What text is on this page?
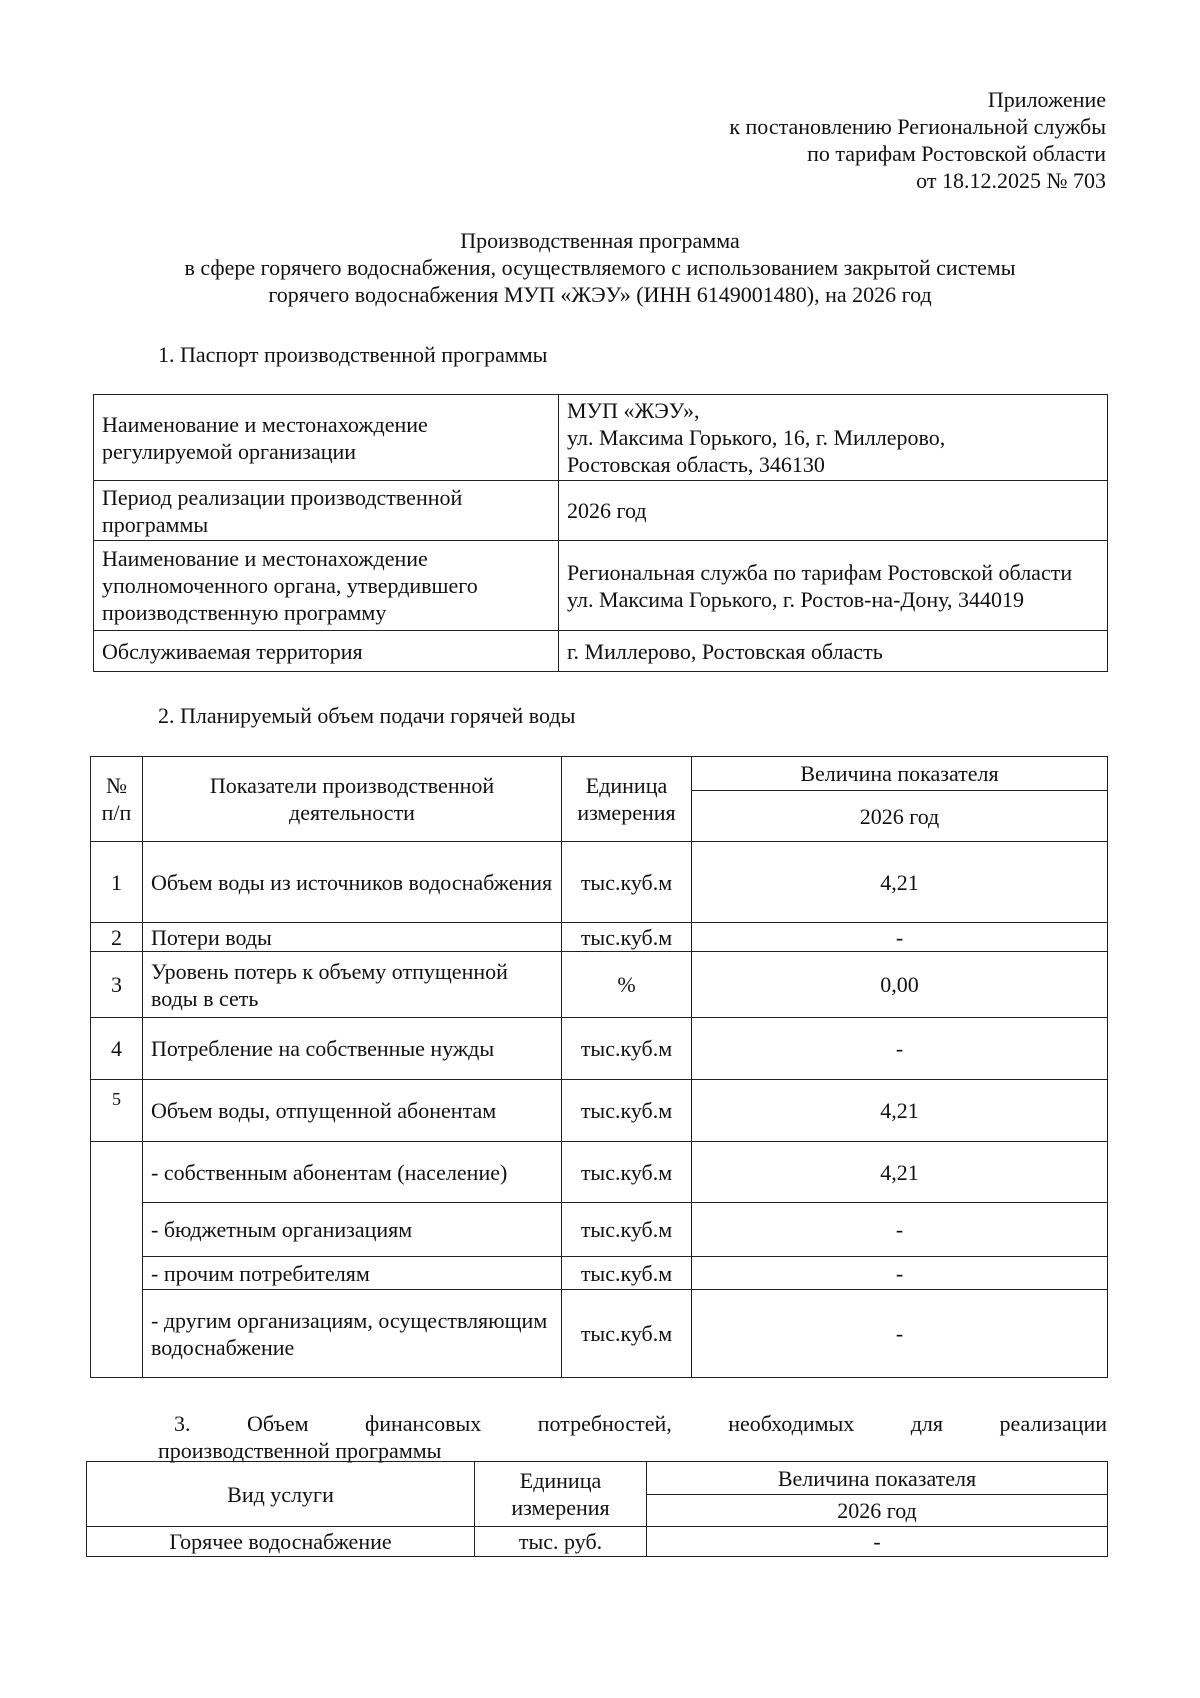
Приложение
к постановлению Региональной службы
по тарифам Ростовской области
от 18.12.2025 № 703
Производственная программа
в сфере горячего водоснабжения, осуществляемого с использованием закрытой системы
горячего водоснабжения МУП «ЖЭУ» (ИНН 6149001480), на 2026 год
1. Паспорт производственной программы
Наименование и местонахождение регулируемой организации	МУП «ЖЭУ»,
ул. Максима Горького, 16, г. Миллерово,
Ростовская область, 346130

Период реализации производственной программы	2026 год

Наименование и местонахождение уполномоченного органа, утвердившего производственную программу	Региональная служба по тарифам Ростовской области
ул. Максима Горького, г. Ростов-на-Дону, 344019

Обслуживаемая территория	г. Миллерово, Ростовская область
2. Планируемый объем подачи горячей воды
№ п/п	Показатели производственной деятельности	Единица измерения	Величина показателя
			2026 год
1	Объем воды из источников водоснабжения	тыс.куб.м	4,21
2	Потери воды	тыс.куб.м	-
3	Уровень потерь к объему отпущенной воды в сеть	%	0,00
4	Потребление на собственные нужды	тыс.куб.м	-
5	Объем воды, отпущенной абонентам	тыс.куб.м	4,21
	- собственным абонентам (население)	тыс.куб.м	4,21
	- бюджетным организациям	тыс.куб.м	-
	- прочим потребителям	тыс.куб.м	-
	- другим организациям, осуществляющим водоснабжение	тыс.куб.м	-
3.	Объем	финансовых	потребностей,	необходимых	для	реализации
производственной программы
Вид услуги	Единица измерения	Величина показателя
		2026 год
Горячее водоснабжение	тыс. руб.	-
